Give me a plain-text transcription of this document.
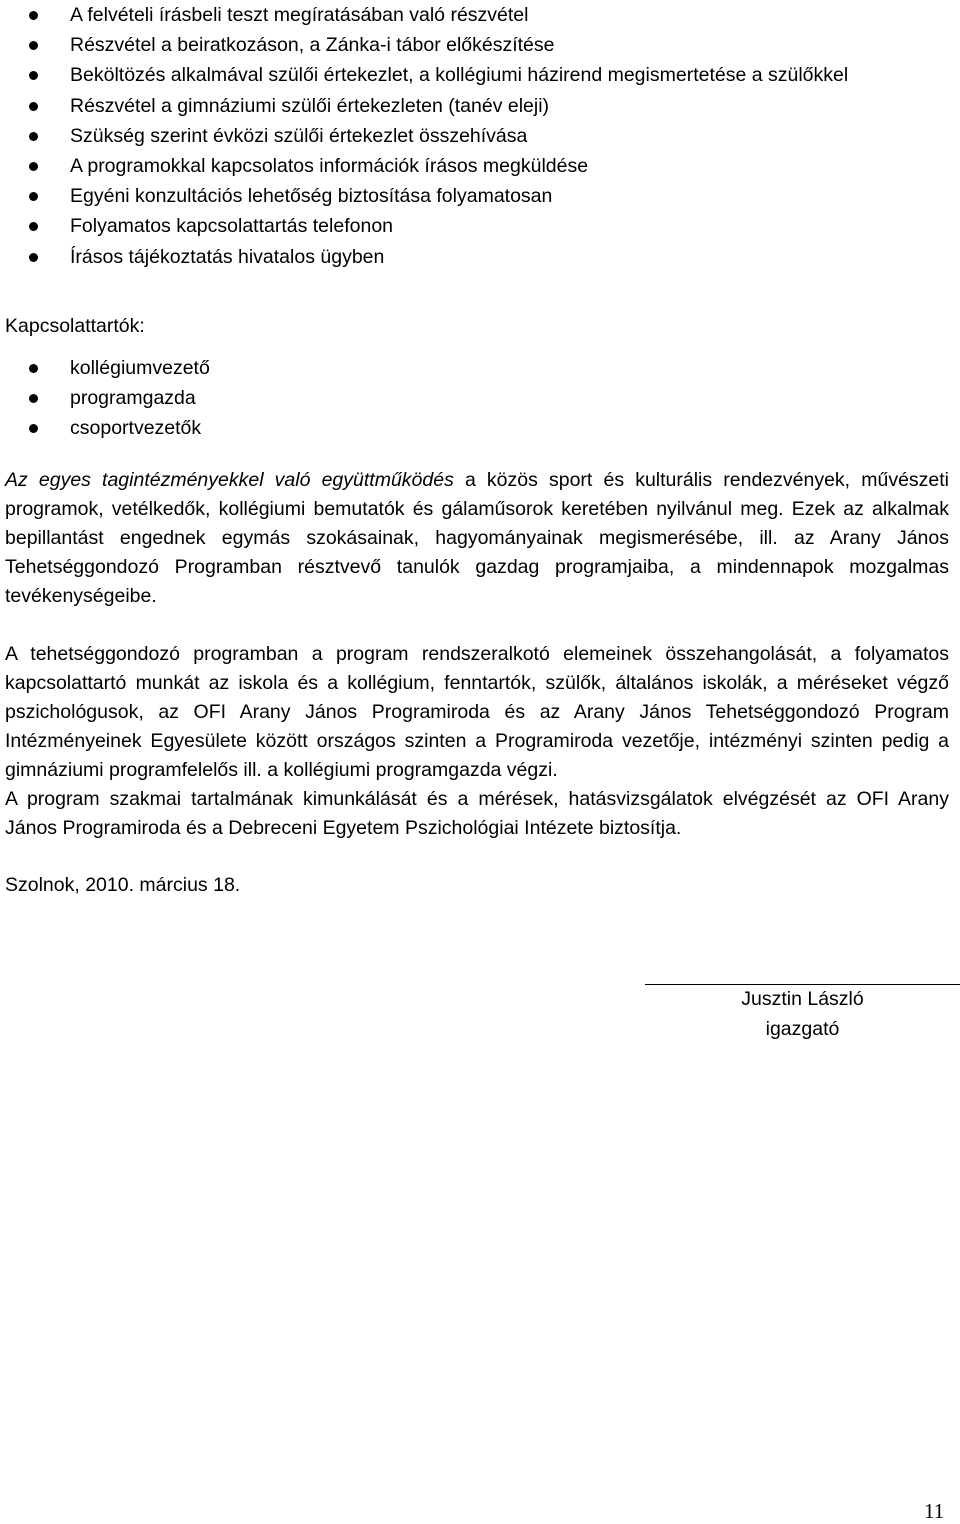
A felvételi írásbeli teszt megíratásában való részvétel
Részvétel a beiratkozáson, a Zánka-i tábor előkészítése
Beköltözés alkalmával szülői értekezlet, a kollégiumi házirend megismertetése a szülőkkel
Részvétel a gimnáziumi szülői értekezleten (tanév eleji)
Szükség szerint évközi szülői értekezlet összehívása
A programokkal kapcsolatos információk írásos megküldése
Egyéni konzultációs lehetőség biztosítása folyamatosan
Folyamatos kapcsolattartás telefonon
Írásos tájékoztatás hivatalos ügyben
Kapcsolattartók:
kollégiumvezető
programgazda
csoportvezetők

Az egyes tagintézményekkel való együttműködés a közös sport és kulturális rendezvények, művészeti programok, vetélkedők, kollégiumi bemutatók és gálaműsorok keretében nyilvánul meg. Ezek az alkalmak bepillantást engednek egymás szokásainak, hagyományainak megismerésébe, ill. az Arany János Tehetséggondozó Programban résztvevő tanulók gazdag programjaiba, a mindennapok mozgalmas tevékenységeibe.

A tehetséggondozó programban a program rendszeralkotó elemeinek összehangolását, a folyamatos kapcsolattartó munkát az iskola és a kollégium, fenntartók, szülők, általános iskolák, a méréseket végző pszichológusok, az OFI Arany János Programiroda és az Arany János Tehetséggondozó Program Intézményeinek Egyesülete között országos szinten a Programiroda vezetője, intézményi szinten pedig a gimnáziumi programfelelős ill. a kollégiumi programgazda végzi.

A program szakmai tartalmának kimunkálását és a mérések, hatásvizsgálatok elvégzését az OFI Arany János Programiroda és a Debreceni Egyetem Pszichológiai Intézete biztosítja.

Szolnok, 2010. március 18.
Jusztin László
igazgató
11
